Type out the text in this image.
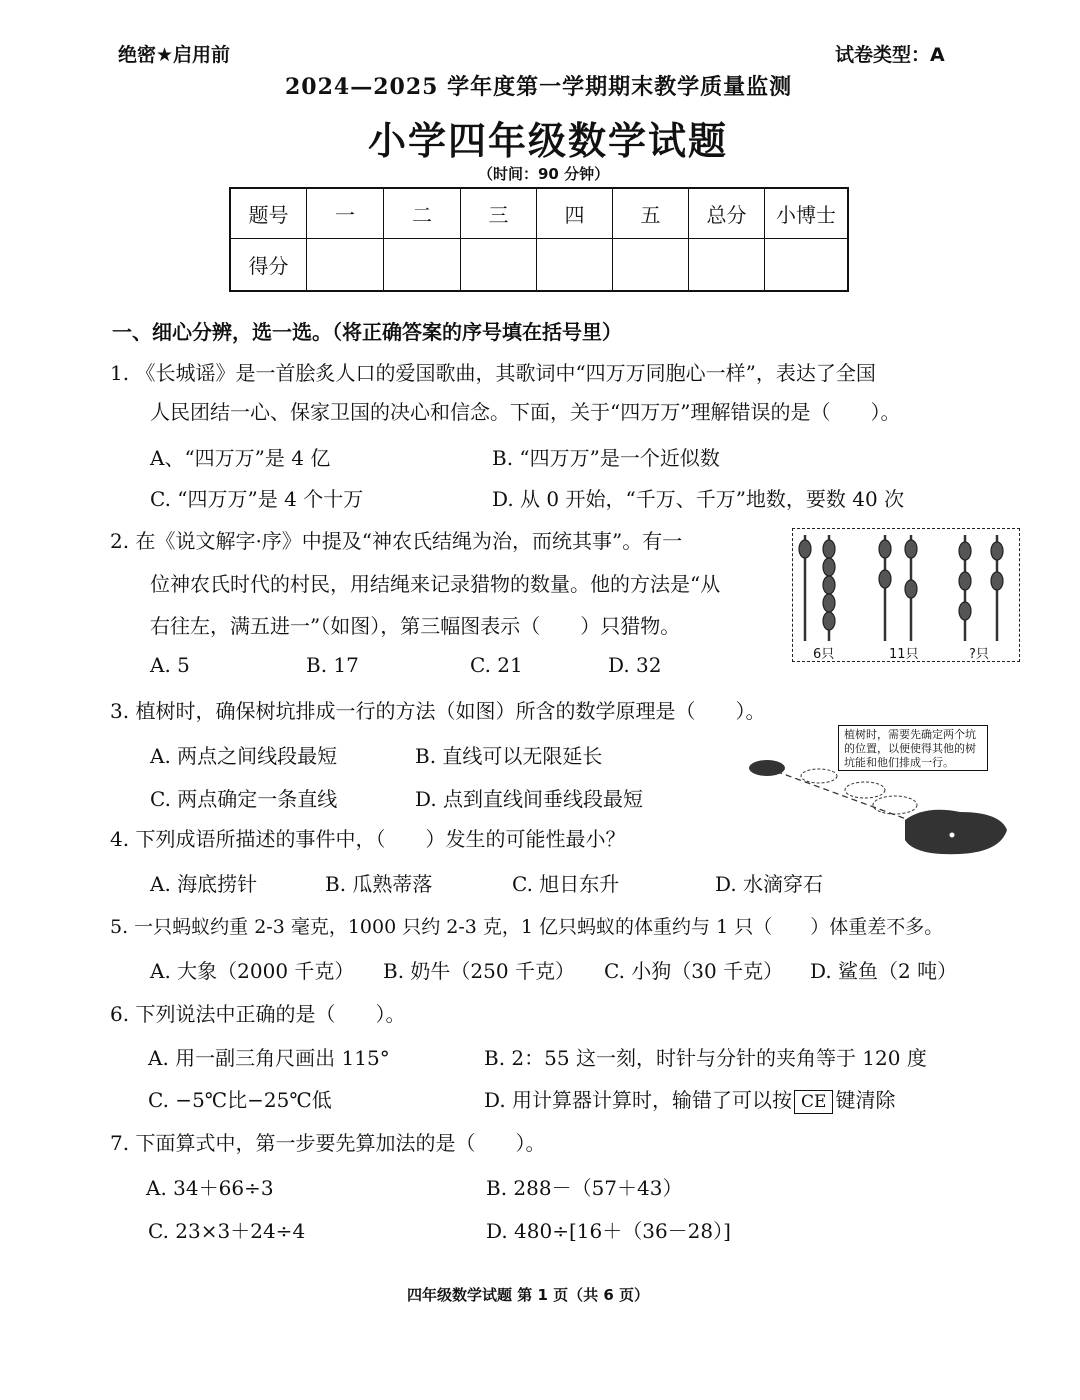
绝密★启用前	试卷类型：A
2024—2025 学年度第一学期期末教学质量监测
小学四年级数学试题
（时间：90 分钟）
题号	一	二	三	四	五	总分	小博士
得分							
一、细心分辨，选一选。（将正确答案的序号填在括号里）
1. 《长城谣》是一首脍炙人口的爱国歌曲，其歌词中“四万万同胞心一样”，表达了全国
人民团结一心、保家卫国的决心和信念。下面，关于“四万万”理解错误的是（　　）。
A、“四万万”是 4 亿	B. “四万万”是一个近似数
C. “四万万”是 4 个十万	D. 从 0 开始，“千万、千万”地数，要数 40 次
2. 在《说文解字·序》中提及“神农氏结绳为治，而统其事”。有一
位神农氏时代的村民，用结绳来记录猎物的数量。他的方法是“从
右往左，满五进一”（如图），第三幅图表示（　　）只猎物。
A. 5	B. 17	C. 21	D. 32	6只	11只	?只
3. 植树时，确保树坑排成一行的方法（如图）所含的数学原理是（　　）。
A. 两点之间线段最短	B. 直线可以无限延长
C. 两点确定一条直线	D. 点到直线间垂线段最短
植树时，需要先确定两个坑的位置，以便使得其他的树坑能和他们排成一行。
4. 下列成语所描述的事件中，（　　）发生的可能性最小？
A. 海底捞针	B. 瓜熟蒂落	C. 旭日东升	D. 水滴穿石
5. 一只蚂蚁约重 2-3 毫克，1000 只约 2-3 克，1 亿只蚂蚁的体重约与 1 只（　　）体重差不多。
A. 大象（2000 千克） B. 奶牛（250 千克） C. 小狗（30 千克） D. 鲨鱼（2 吨）
6. 下列说法中正确的是（　　）。
A. 用一副三角尺画出 115°	B. 2：55 这一刻，时针与分针的夹角等于 120 度
C. −5℃比−25℃低	D. 用计算器计算时，输错了可以按 CE 键清除
7. 下面算式中，第一步要先算加法的是（　　）。
A. 34＋66÷3	B. 288－（57＋43）
C. 23×3＋24÷4	D. 480÷[16＋（36－28）]
四年级数学试题 第 1 页（共 6 页）
